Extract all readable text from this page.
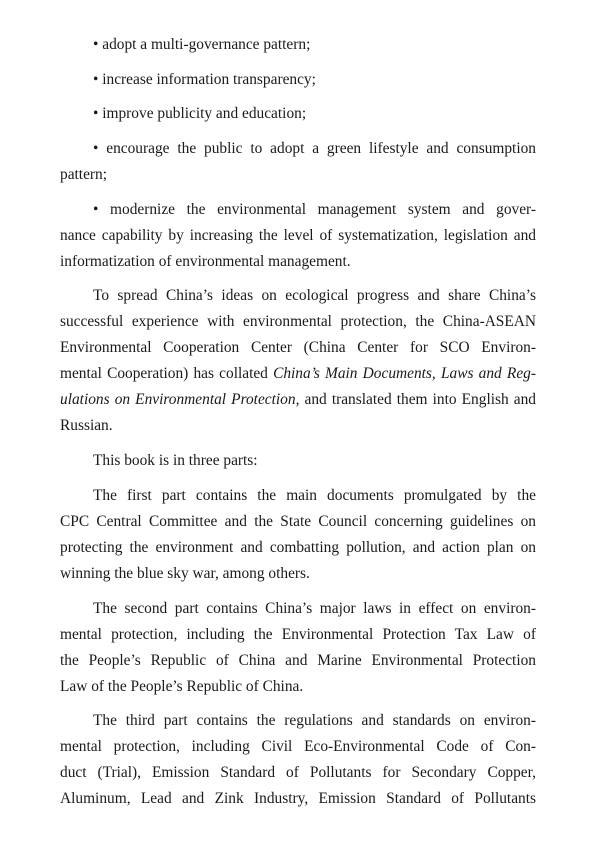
• adopt a multi-governance pattern;
• increase information transparency;
• improve publicity and education;
• encourage the public to adopt a green lifestyle and consumption
pattern;
• modernize the environmental management system and gover-
nance capability by increasing the level of systematization, legislation and
informatization of environmental management.
To spread China’s ideas on ecological progress and share China’s
successful experience with environmental protection, the China-ASEAN
Environmental Cooperation Center (China Center for SCO Environ-
mental Cooperation) has collated China’s Main Documents, Laws and Reg-
ulations on Environmental Protection, and translated them into English and
Russian.
This book is in three parts:
The first part contains the main documents promulgated by the
CPC Central Committee and the State Council concerning guidelines on
protecting the environment and combatting pollution, and action plan on
winning the blue sky war, among others.
The second part contains China’s major laws in effect on environ-
mental protection, including the Environmental Protection Tax Law of
the People’s Republic of China and Marine Environmental Protection
Law of the People’s Republic of China.
The third part contains the regulations and standards on environ-
mental protection, including Civil Eco-Environmental Code of Con-
duct (Trial), Emission Standard of Pollutants for Secondary Copper,
Aluminum, Lead and Zink Industry, Emission Standard of Pollutants
